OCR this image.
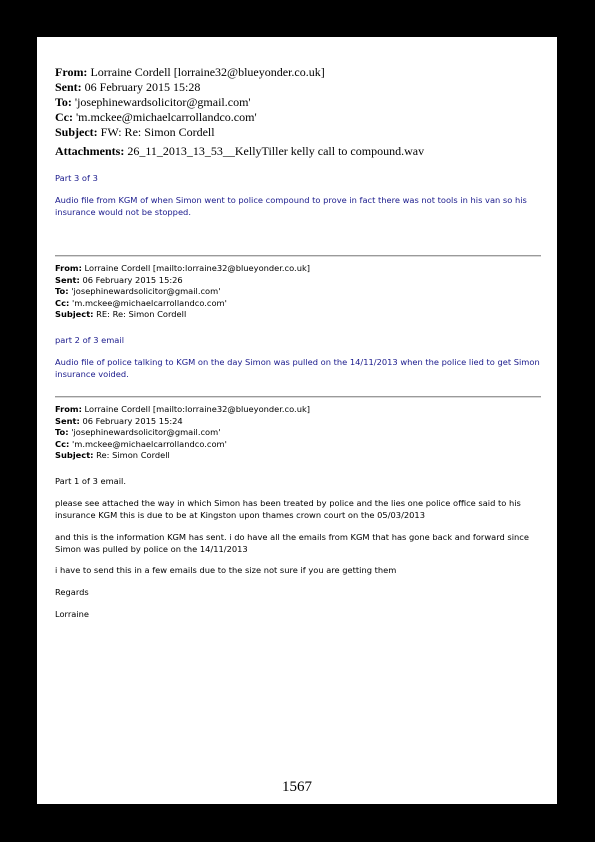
From: Lorraine Cordell [lorraine32@blueyonder.co.uk]
Sent: 06 February 2015 15:28
To: 'josephinewardsolicitor@gmail.com'
Cc: 'm.mckee@michaelcarrollandco.com'
Subject: FW: Re: Simon Cordell
Attachments: 26_11_2013_13_53__KellyTiller kelly call to compound.wav
Part 3 of 3
Audio file from KGM of when Simon went to police compound to prove in fact there was not tools in his van so his insurance would not be stopped.
From: Lorraine Cordell [mailto:lorraine32@blueyonder.co.uk]
Sent: 06 February 2015 15:26
To: 'josephinewardsolicitor@gmail.com'
Cc: 'm.mckee@michaelcarrollandco.com'
Subject: RE: Re: Simon Cordell
part 2 of 3 email
Audio file of police talking to KGM on the day Simon was pulled on the 14/11/2013 when the police lied to get Simon insurance voided.
From: Lorraine Cordell [mailto:lorraine32@blueyonder.co.uk]
Sent: 06 February 2015 15:24
To: 'josephinewardsolicitor@gmail.com'
Cc: 'm.mckee@michaelcarrollandco.com'
Subject: Re: Simon Cordell
Part 1 of 3 email.
please see attached the way in which Simon has been treated by police and the lies one police office said to his insurance KGM this is due to be at Kingston upon thames crown court on the 05/03/2013
and this is the information KGM has sent. i do have all the emails from KGM that has gone back and forward since Simon was pulled by police on the 14/11/2013
i have to send this in a few emails due to the size not sure if you are getting them
Regards
Lorraine
1567
